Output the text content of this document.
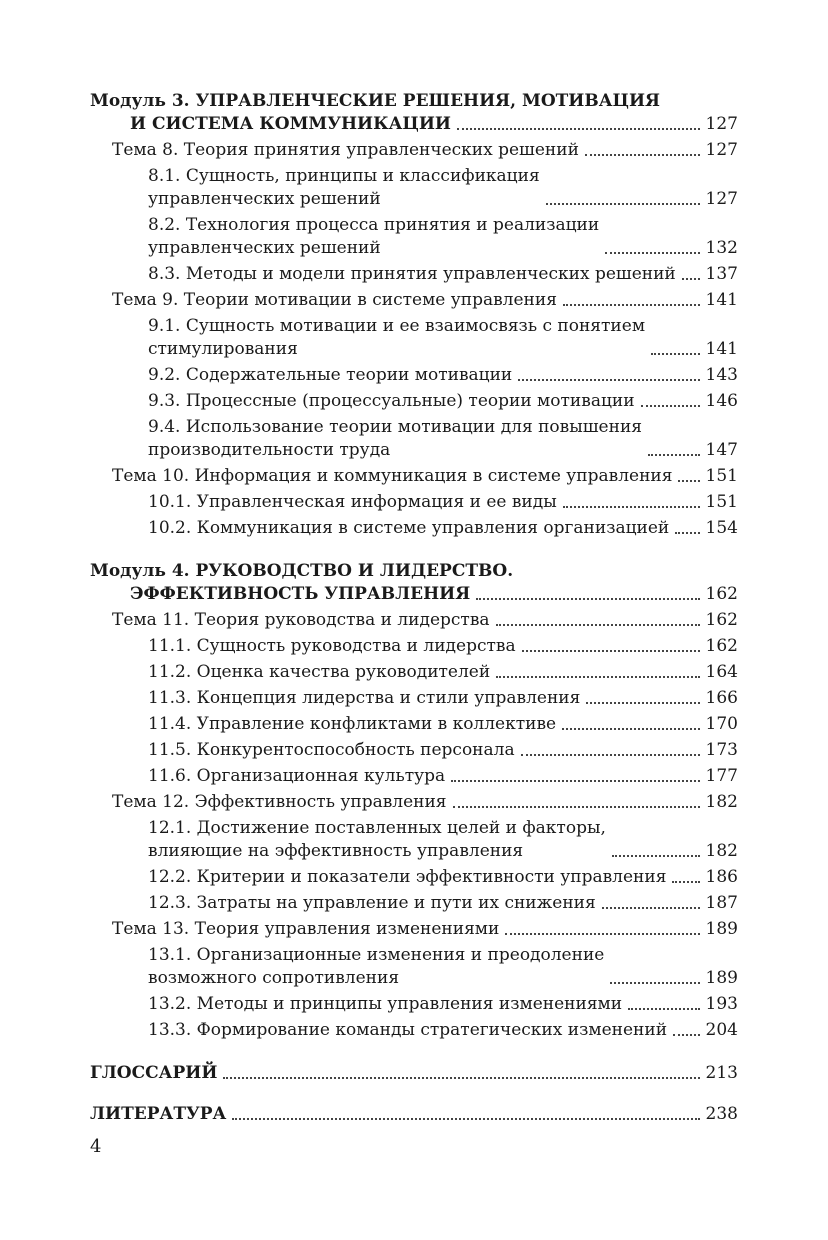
Модуль 3. УПРАВЛЕНЧЕСКИЕ РЕШЕНИЯ, МОТИВАЦИЯ
И СИСТЕМА КОММУНИКАЦИИ	127
Тема 8. Теория принятия управленческих решений	127
8.1. Сущность, принципы и классификация
управленческих решений	127
8.2. Технология процесса принятия и реализации
управленческих решений	132
8.3. Методы и модели принятия управленческих решений 137
Тема 9. Теории мотивации в системе управления	141
9.1. Сущность мотивации и ее взаимосвязь с понятием
стимулирования	141
9.2. Содержательные теории мотивации	143
9.3. Процессные (процессуальные) теории мотивации	146
9.4. Использование теории мотивации для повышения
производительности труда	147
Тема 10. Информация и коммуникация в системе управления 151
10.1. Управленческая информация и ее виды	151
10.2. Коммуникация в системе управления организацией 154
Модуль 4. РУКОВОДСТВО И ЛИДЕРСТВО.
ЭФФЕКТИВНОСТЬ УПРАВЛЕНИЯ	162
Тема 11. Теория руководства и лидерства	162
11.1. Сущность руководства и лидерства	162
11.2. Оценка качества руководителей	164
11.3. Концепция лидерства и стили управления	166
11.4. Управление конфликтами в коллективе	170
11.5. Конкурентоспособность персонала	173
11.6. Организационная культура	177
Тема 12. Эффективность управления	182
12.1. Достижение поставленных целей и факторы,
влияющие на эффективность управления	182
12.2. Критерии и показатели эффективности управления 186
12.3. Затраты на управление и пути их снижения	187
Тема 13. Теория управления изменениями	189
13.1. Организационные изменения и преодоление
возможного сопротивления	189
13.2. Методы и принципы управления изменениями	193
13.3. Формирование команды стратегических изменений 204
ГЛОССАРИЙ	213
ЛИТЕРАТУРА	238
4
